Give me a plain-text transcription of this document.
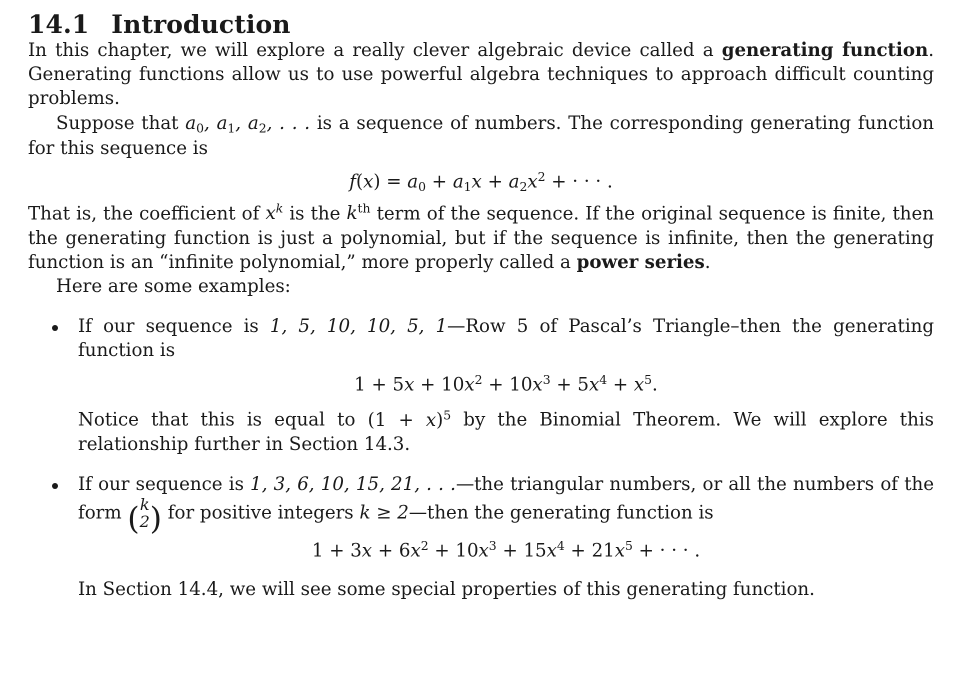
14.1 Introduction

In this chapter, we will explore a really clever algebraic device called a generating function. Generating functions allow us to use powerful algebra techniques to approach difficult counting problems.

Suppose that $a_0$, $a_1$, $a_2$, . . . is a sequence of numbers. The corresponding generating function for this sequence is

$f(x) = a_0 + a_1x + a_2x^2$ + · · · .

That is, the coefficient of $x^k$ is the $k^{th}$ term of the sequence. If the original sequence is finite, then the generating function is just a polynomial, but if the sequence is infinite, then the generating function is an “infinite polynomial,” more properly called a power series.

Here are some examples:

If our sequence is 1, 5, 10, 10, 5, 1—Row 5 of Pascal’s Triangle–then the generating function is
$1 + 5x + 10x^2 + 10x^3 + 5x^4 + x^5$.
Notice that this is equal to $(1 + x)^5$ by the Binomial Theorem. We will explore this relationship further in Section 14.3.
If our sequence is 1, 3, 6, 10, 15, 21, . . .—the triangular numbers, or all the numbers of the form ( k
2 ) for positive integers k ≥ 2—then the generating function is
$1 + 3x + 6x^2 + 10x^3 + 15x^4 + 21x^5$ + · · · .

In Section 14.4, we will see some special properties of this generating function.
